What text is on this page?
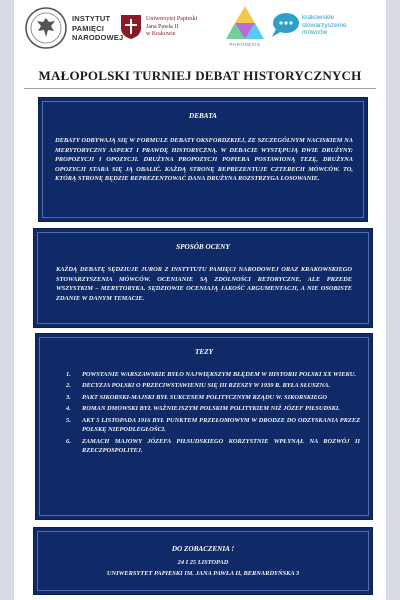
INSTYTUT
PAMIĘCI
NARODOWEJ
Uniwersytet Papieski
Jana Pawła II
w Krakowie
PHRONESIS
krakowskie
stowarzyszenie
mówców
MAŁOPOLSKI TURNIEJ DEBAT HISTORYCZNYCH
DEBATA
DEBATY ODBYWAJĄ SIĘ W FORMULE DEBATY OKSFORDZKIEJ, ZE SZCZEGÓLNYM NACISKIEM NA MERYTORYCZNY ASPEKT I PRAWDĘ HISTORYCZNĄ. W DEBACIE WYSTĘPUJĄ DWIE DRUŻYNY: PROPOZYCJI I OPOZYCJI. DRUŻYNA PROPOZYCJI POPIERA POSTAWIONĄ TEZĘ, DRUŻYNA OPOZYCJI STARA SIĘ JĄ OBALIĆ. KAŻDĄ STRONĘ REPREZENTUJE CZTERECH MÓWCÓW. TO, KTÓRĄ STRONĘ BĘDZIE REPREZENTOWAĆ DANA DRUŻYNA ROZSTRZYGA LOSOWANIE.
SPOSÓB OCENY
KAŻDĄ DEBATĘ SĘDZIUJE JUROR Z INSTYTUTU PAMIĘCI NARODOWEJ ORAZ KRAKOWSKIEGO STOWARZYSZENIA MÓWCÓW. OCENIANIE SĄ ZDOLNOŚCI RETORYCZNE, ALE PRZEDE WSZYSTKIM – MERYTORYKA. SĘDZIOWIE OCENIAJĄ JAKOŚĆ ARGUMENTACJI, A NIE OSOBISTE ZDANIE W DANYM TEMACIE.
TEZY
1. POWSTANIE WARSZAWSKIE BYŁO NAJWIĘKSZYM BŁĘDEM W HISTORII POLSKI XX WIEKU.
2. DECYZJA POLSKI O PRZECIWSTAWIENIU SIĘ III RZESZY W 1939 R. BYŁA SŁUSZNA.
3. PAKT SIKORSKI-MAJSKI BYŁ SUKCESEM POLITYCZNYM RZĄDU W. SIKORSKIEGO
4. ROMAN DMOWSKI BYŁ WAŻNIEJSZYM POLSKIM POLITYKIEM NIŻ JÓZEF PIŁSUDSKI.
5. AKT 5 LISTOPADA 1916 BYŁ PUNKTEM PRZEŁOMOWYM W DRODZE DO ODZYSKANIA PRZEZ POLSKĘ NIEPODLEGŁOŚCI.
6. ZAMACH MAJOWY JÓZEFA PIŁSUDSKIEGO KORZYSTNIE WPŁYNĄŁ NA ROZWÓJ II RZECZPOSPOLITEJ.
DO ZOBACZENIA !
24 I 25 LISTOPAD
UNIWERSYTET PAPIESKI IM. JANA PAWŁA II, BERNARDYŃSKA 3
